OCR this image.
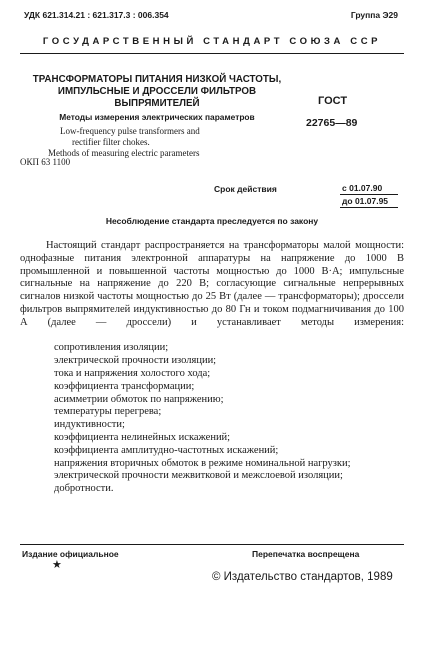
УДК 621.314.21 : 621.317.3 : 006.354	Группа Э29
ГОСУДАРСТВЕННЫЙ СТАНДАРТ СОЮЗА ССР
ТРАНСФОРМАТОРЫ ПИТАНИЯ НИЗКОЙ ЧАСТОТЫ,
ИМПУЛЬСНЫЕ И ДРОССЕЛИ ФИЛЬТРОВ
ВЫПРЯМИТЕЛЕЙ
Методы измерения электрических параметров
Low-frequency pulse transformers and
rectifier filter chokes.
Methods of measuring electric parameters
ОКП 63 1100
ГОСТ
22765—89
Срок действия	с 01.07.90
до 01.07.95
Несоблюдение стандарта преследуется по закону

Настоящий стандарт распространяется на трансформаторы малой мощности: однофазные питания электронной аппаратуры на напряжение до 1000 В промышленной и повышенной частоты мощностью до 1000 В·А; импульсные сигнальные на напряжение до 220 В; согласующие сигнальные непрерывных сигналов низкой частоты мощностью до 25 Вт (далее — трансформаторы); дроссели фильтров выпрямителей индуктивностью до 80 Гн и током подмагничивания до 100 А (далее — дроссели) и устанавливает методы измерения:

сопротивления изоляции;
электрической прочности изоляции;
тока и напряжения холостого хода;
коэффициента трансформации;
асимметрии обмоток по напряжению;
температуры перегрева;
индуктивности;
коэффициента нелинейных искажений;
коэффициента амплитудно-частотных искажений;
напряжения вторичных обмоток в режиме номинальной нагрузки;
электрической прочности межвитковой и межслоевой изоляции;
добротности.
Издание официальное	Перепечатка воспрещена
★
© Издательство стандартов, 1989
